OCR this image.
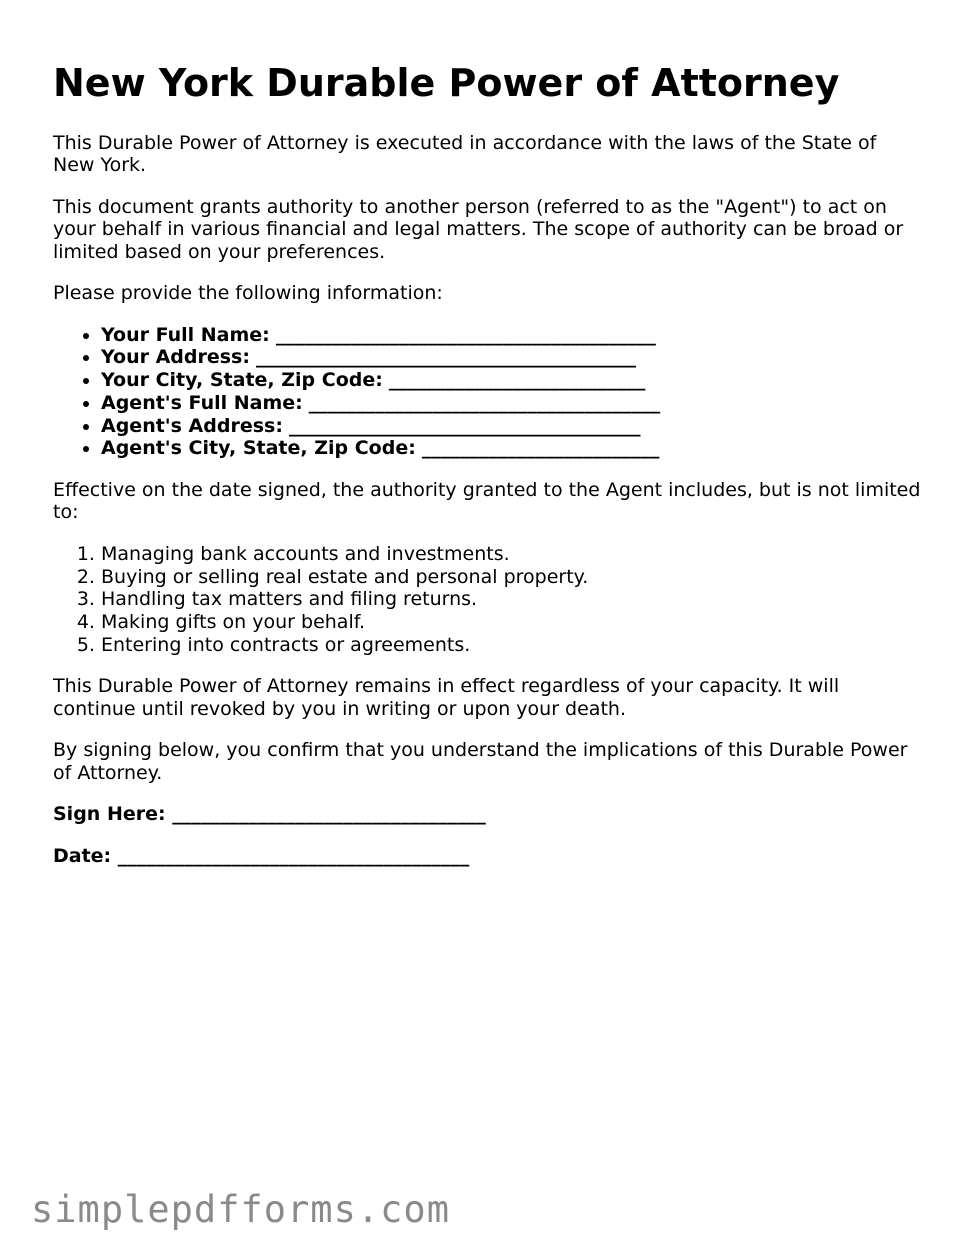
New York Durable Power of Attorney

This Durable Power of Attorney is executed in accordance with the laws of the State of New York.

This document grants authority to another person (referred to as the "Agent") to act on your behalf in various financial and legal matters. The scope of authority can be broad or limited based on your preferences.

Please provide the following information:

• Your Full Name: ________________________________________
• Your Address: ________________________________________
• Your City, State, Zip Code: ___________________________
• Agent's Full Name: _____________________________________
• Agent's Address: _____________________________________
• Agent's City, State, Zip Code: _________________________

Effective on the date signed, the authority granted to the Agent includes, but is not limited to:

1. Managing bank accounts and investments.
2. Buying or selling real estate and personal property.
3. Handling tax matters and filing returns.
4. Making gifts on your behalf.
5. Entering into contracts or agreements.

This Durable Power of Attorney remains in effect regardless of your capacity. It will continue until revoked by you in writing or upon your death.

By signing below, you confirm that you understand the implications of this Durable Power of Attorney.

Sign Here: _________________________________
Date: _____________________________________
simplepdfforms.com
